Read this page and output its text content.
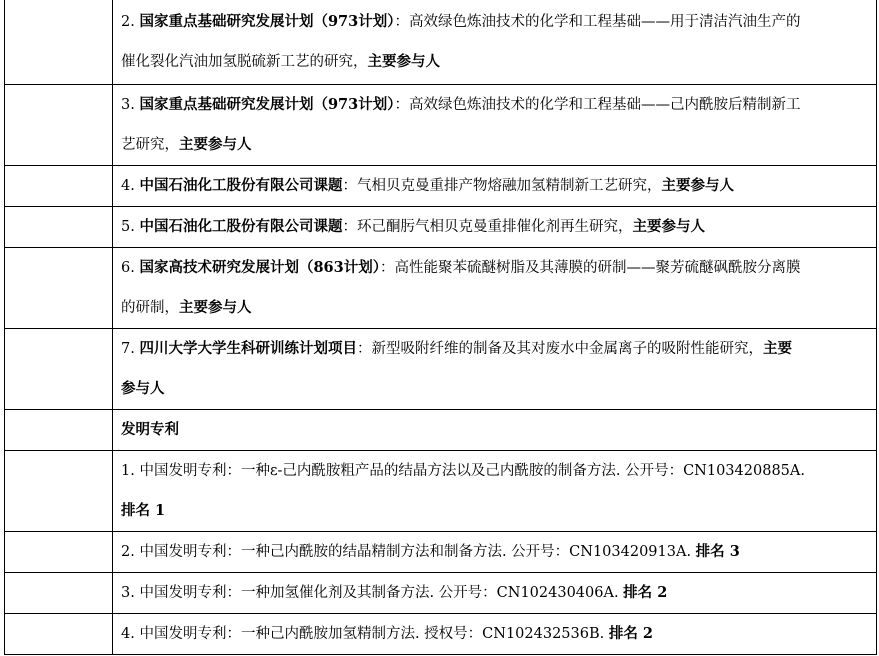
	2. 国家重点基础研究发展计划（973计划）：高效绿色炼油技术的化学和工程基础——用于清洁汽油生产的
催化裂化汽油加氢脱硫新工艺的研究，主要参与人

	3. 国家重点基础研究发展计划（973计划）：高效绿色炼油技术的化学和工程基础——己内酰胺后精制新工
艺研究，主要参与人

	4. 中国石油化工股份有限公司课题：气相贝克曼重排产物熔融加氢精制新工艺研究，主要参与人

	5. 中国石油化工股份有限公司课题：环己酮肟气相贝克曼重排催化剂再生研究，主要参与人

	6. 国家高技术研究发展计划（863计划）：高性能聚苯硫醚树脂及其薄膜的研制——聚芳硫醚砜酰胺分离膜
的研制，主要参与人

	7. 四川大学大学生科研训练计划项目：新型吸附纤维的制备及其对废水中金属离子的吸附性能研究，主要
参与人

	发明专利

	1. 中国发明专利：一种ε-己内酰胺粗产品的结晶方法以及己内酰胺的制备方法. 公开号：CN103420885A.
排名 1

	2. 中国发明专利：一种己内酰胺的结晶精制方法和制备方法. 公开号：CN103420913A. 排名 3

	3. 中国发明专利：一种加氢催化剂及其制备方法. 公开号：CN102430406A. 排名 2

	4. 中国发明专利：一种己内酰胺加氢精制方法. 授权号：CN102432536B. 排名 2
